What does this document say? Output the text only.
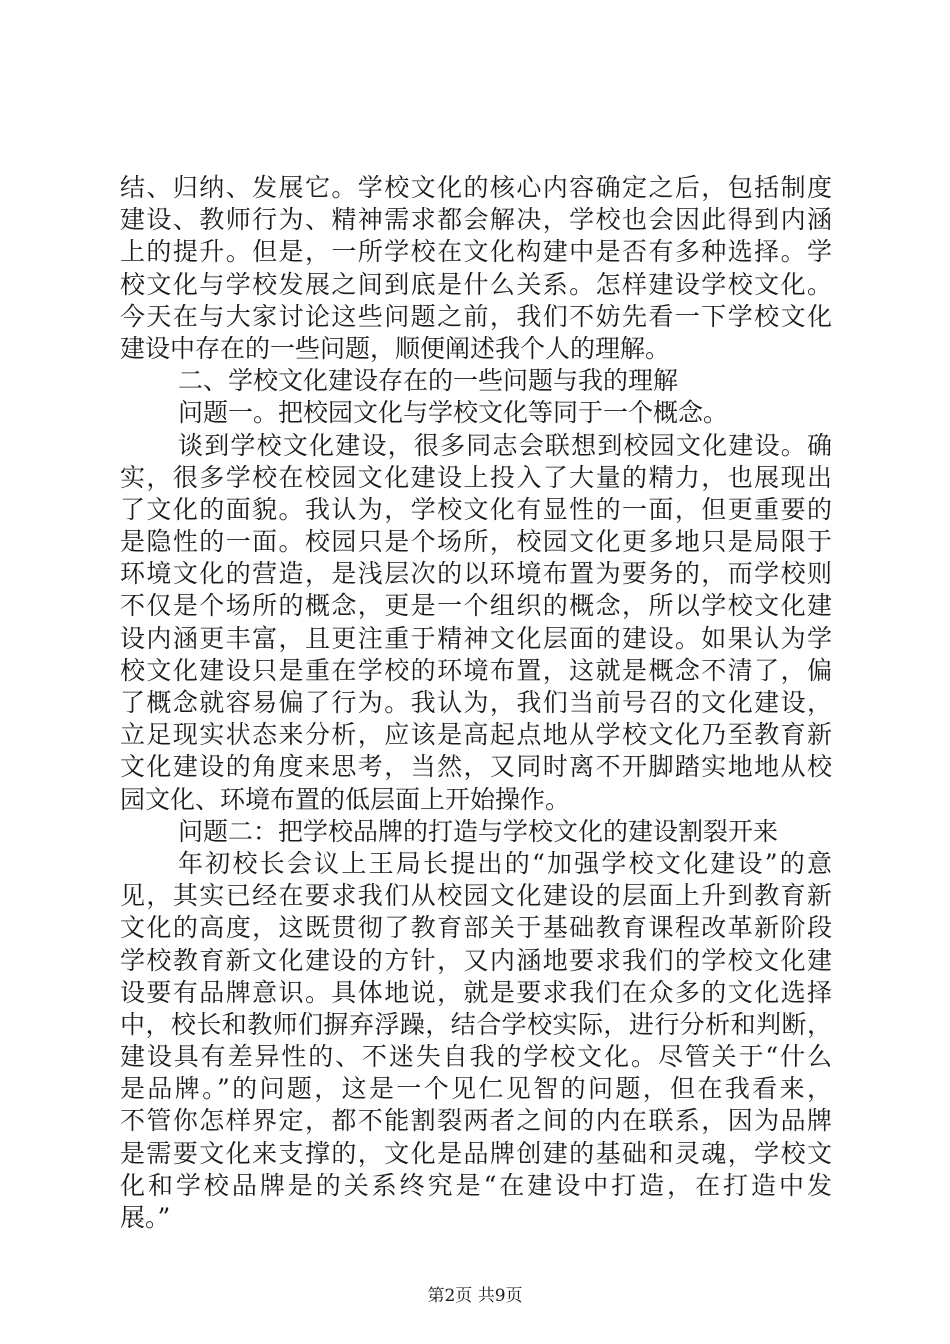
结、归纳、发展它。学校文化的核心内容确定之后，包括制度
建设、教师行为、精神需求都会解决，学校也会因此得到内涵
上的提升。但是，一所学校在文化构建中是否有多种选择。学
校文化与学校发展之间到底是什么关系。怎样建设学校文化。
今天在与大家讨论这些问题之前，我们不妨先看一下学校文化
建设中存在的一些问题，顺便阐述我个人的理解。
二、学校文化建设存在的一些问题与我的理解
问题一。把校园文化与学校文化等同于一个概念。
谈到学校文化建设，很多同志会联想到校园文化建设。确
实，很多学校在校园文化建设上投入了大量的精力，也展现出
了文化的面貌。我认为，学校文化有显性的一面，但更重要的
是隐性的一面。校园只是个场所，校园文化更多地只是局限于
环境文化的营造，是浅层次的以环境布置为要务的，而学校则
不仅是个场所的概念，更是一个组织的概念，所以学校文化建
设内涵更丰富，且更注重于精神文化层面的建设。如果认为学
校文化建设只是重在学校的环境布置，这就是概念不清了，偏
了概念就容易偏了行为。我认为，我们当前号召的文化建设，
立足现实状态来分析，应该是高起点地从学校文化乃至教育新
文化建设的角度来思考，当然，又同时离不开脚踏实地地从校
园文化、环境布置的低层面上开始操作。
问题二：把学校品牌的打造与学校文化的建设割裂开来
年初校长会议上王局长提出的“加强学校文化建设”的意
见，其实已经在要求我们从校园文化建设的层面上升到教育新
文化的高度，这既贯彻了教育部关于基础教育课程改革新阶段
学校教育新文化建设的方针，又内涵地要求我们的学校文化建
设要有品牌意识。具体地说，就是要求我们在众多的文化选择
中，校长和教师们摒弃浮躁，结合学校实际，进行分析和判断，
建设具有差异性的、不迷失自我的学校文化。尽管关于“什么
是品牌。”的问题，这是一个见仁见智的问题，但在我看来，
不管你怎样界定，都不能割裂两者之间的内在联系，因为品牌
是需要文化来支撑的，文化是品牌创建的基础和灵魂，学校文
化和学校品牌是的关系终究是“在建设中打造，在打造中发
展。”
第2页 共9页
